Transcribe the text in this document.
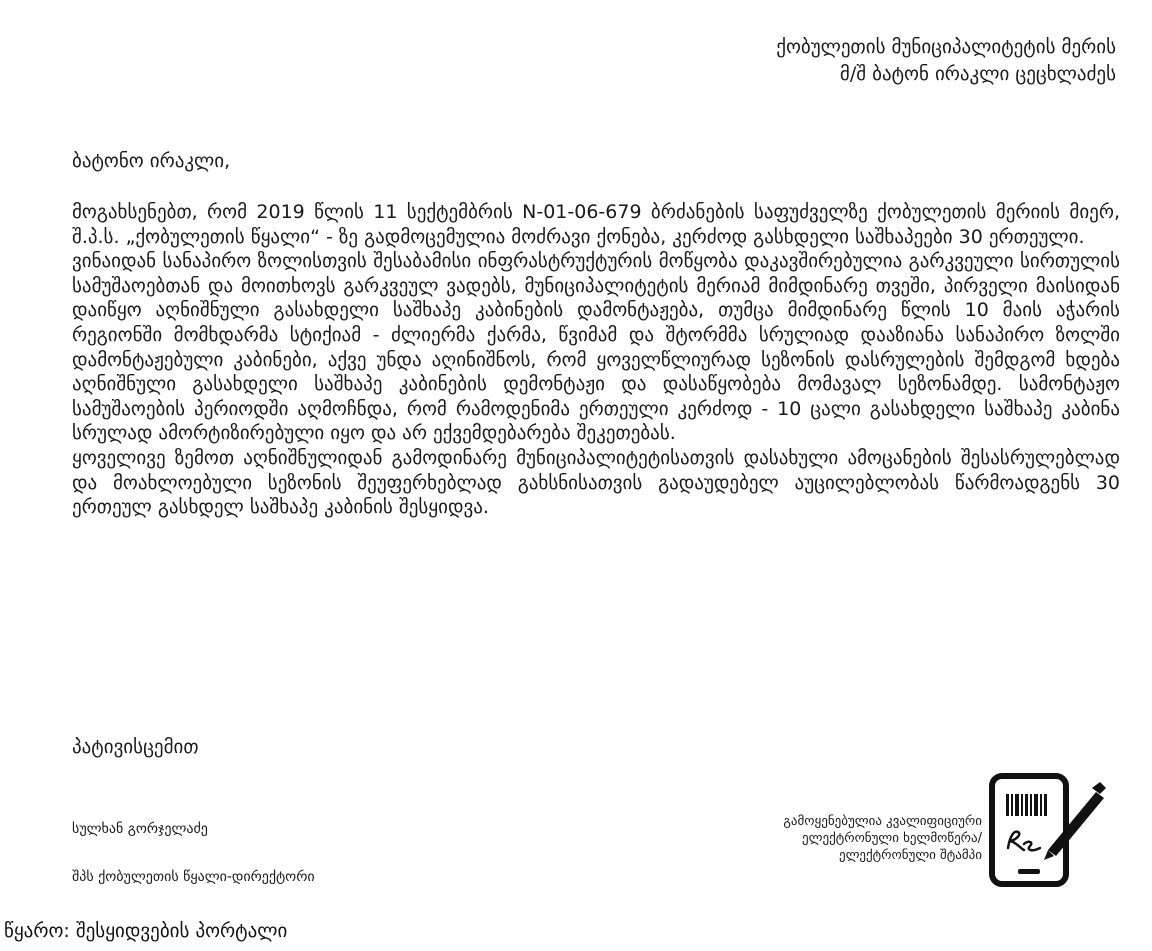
ქობულეთის მუნიციპალიტეტის მერის
მ/შ ბატონ ირაკლი ცეცხლაძეს
ბატონო ირაკლი,

მოგახსენებთ, რომ 2019 წლის 11 სექტემბრის N-01-06-679 ბრძანების საფუძველზე ქობულეთის მერიის მიერ, შ.პ.ს. „ქობულეთის წყალი“ - ზე გადმოცემულია მოძრავი ქონება, კერძოდ გასხდელი საშხაპეები 30 ერთეული.

ვინაიდან სანაპირო ზოლისთვის შესაბამისი ინფრასტრუქტურის მოწყობა დაკავშირებულია გარკვეული სირთულის სამუშაოებთან და მოითხოვს გარკვეულ ვადებს, მუნიციპალიტეტის მერიამ მიმდინარე თვეში, პირველი მაისიდან დაიწყო აღნიშნული გასახდელი საშხაპე კაბინების დამონტაჟება, თუმცა მიმდინარე წლის 10 მაის აჭარის რეგიონში მომხდარმა სტიქიამ - ძლიერმა ქარმა, წვიმამ და შტორმმა სრულიად დააზიანა სანაპირო ზოლში დამონტაჟებული კაბინები, აქვე უნდა აღინიშნოს, რომ ყოველწლიურად სეზონის დასრულების შემდგომ ხდება აღნიშნული გასახდელი საშხაპე კაბინების დემონტაჟი და დასაწყობება მომავალ სეზონამდე. სამონტაჟო სამუშაოების პერიოდში აღმოჩნდა, რომ რამოდენიმა ერთეული კერძოდ - 10 ცალი გასახდელი საშხაპე კაბინა სრულად ამორტიზირებული იყო და არ ექვემდებარება შეკეთებას.

ყოველივე ზემოთ აღნიშნულიდან გამოდინარე მუნიციპალიტეტისათვის დასახული ამოცანების შესასრულებლად და მოახლოებული სეზონის შეუფერხებლად გახსნისათვის გადაუდებელ აუცილებლობას წარმოადგენს 30 ერთეულ გასხდელ საშხაპე კაბინის შესყიდვა.

პატივისცემით
სულხან გორჯელაძე
შპს ქობულეთის წყალი-დირექტორი
გამოყენებულია კვალიფიციური
ელექტრონული ხელმოწერა/
ელექტრონული შტამპი
წყარო: შესყიდვების პორტალი
